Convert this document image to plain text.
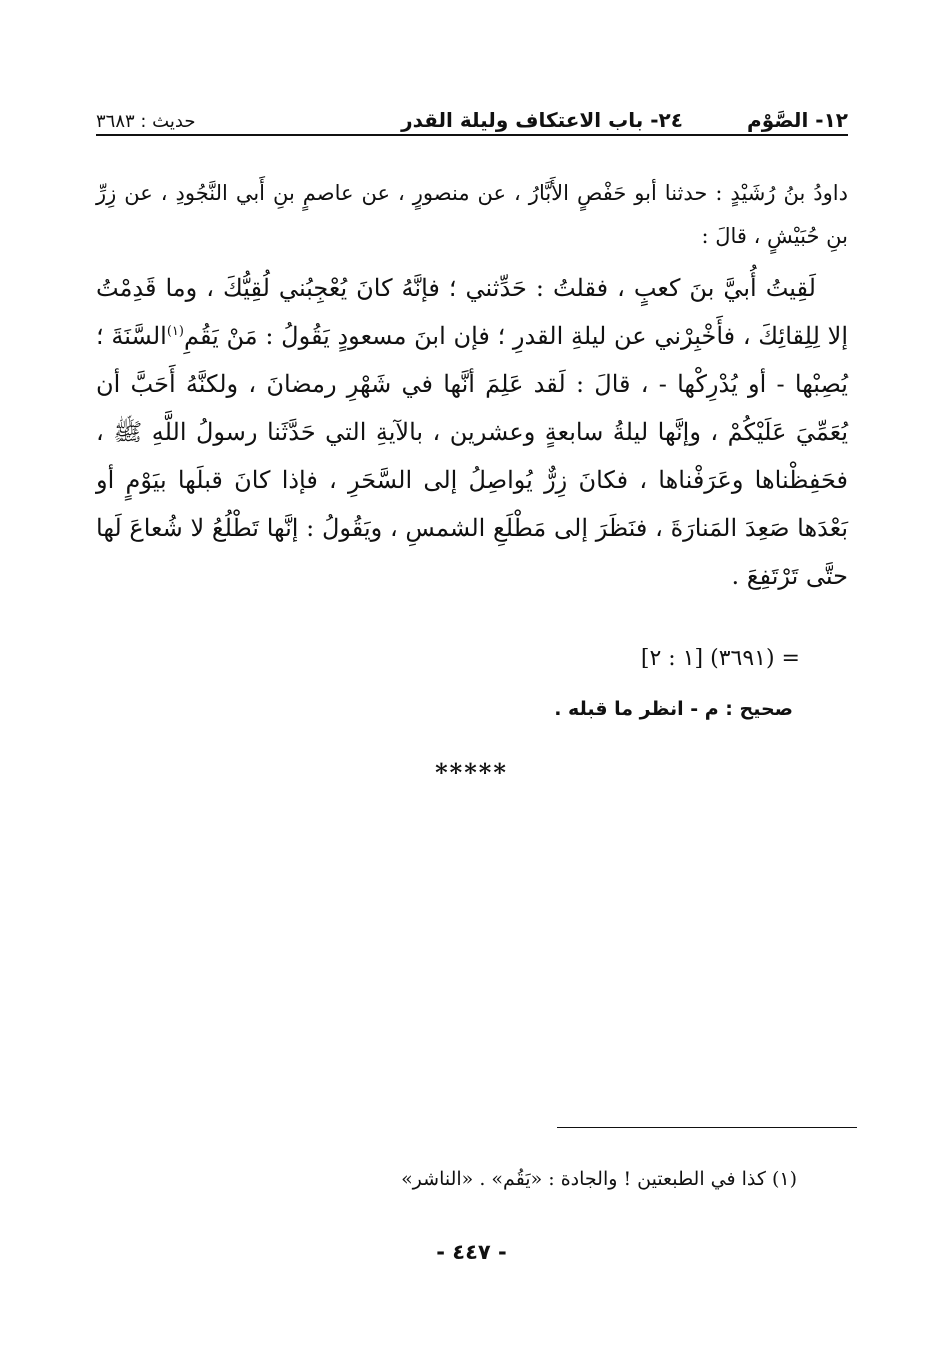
١٢- الصَّوْم
٢٤- باب الاعتكاف وليلة القدر
حديث : ٣٦٨٣

داودُ بنُ رُشَيْدٍ : حدثنا أبو حَفْصٍ الأَبَّارُ ، عن منصورٍ ، عن عاصمٍ بنِ أَبي النَّجُودِ ، عن زِرِّ بنِ حُبَيْشٍ ، قالَ :

لَقِيتُ أُبيَّ بنَ كعبٍ ، فقلتُ : حَدِّثني ؛ فإنَّهُ كانَ يُعْجِبُني لُقِيُّكَ ، وما قَدِمْتُ إلا لِلِقائِكَ ، فأَخْبِرْني عن ليلةِ القدرِ ؛ فإن ابنَ مسعودٍ يَقُولُ : مَنْ يَقُمِ$^{(١)}$السَّنَةَ ؛ يُصِبْها - أو يُدْرِكْها - ، قالَ : لَقد عَلِمَ أنَّها في شَهْرِ رمضانَ ، ولكنَّهُ أَحَبَّ أن يُعَمِّيَ عَلَيْكُمْ ، وإنَّها ليلةُ سابعةٍ وعشرين ، بالآيةِ التي حَدَّثَنا رسولُ اللَّهِ ﷺ ، فحَفِظْناها وعَرَفْناها ، فكانَ زِرٌّ يُواصِلُ إلى السَّحَرِ ، فإذا كانَ قبلَها بيَوْمٍ أو بَعْدَها صَعِدَ المَنارَةَ ، فنَظَرَ إلى مَطْلَعِ الشمسِ ، ويَقُولُ : إنَّها تَطْلُعُ لا شُعاعَ لَها حتَّى تَرْتَفِعَ .

= (٣٦٩١) [١ : ٢]
صحيح : م - انظر ما قبله .
*****
(١) كذا في الطبعتين ! والجادة : «يَقُم» . «الناشر»
- ٤٤٧ -
